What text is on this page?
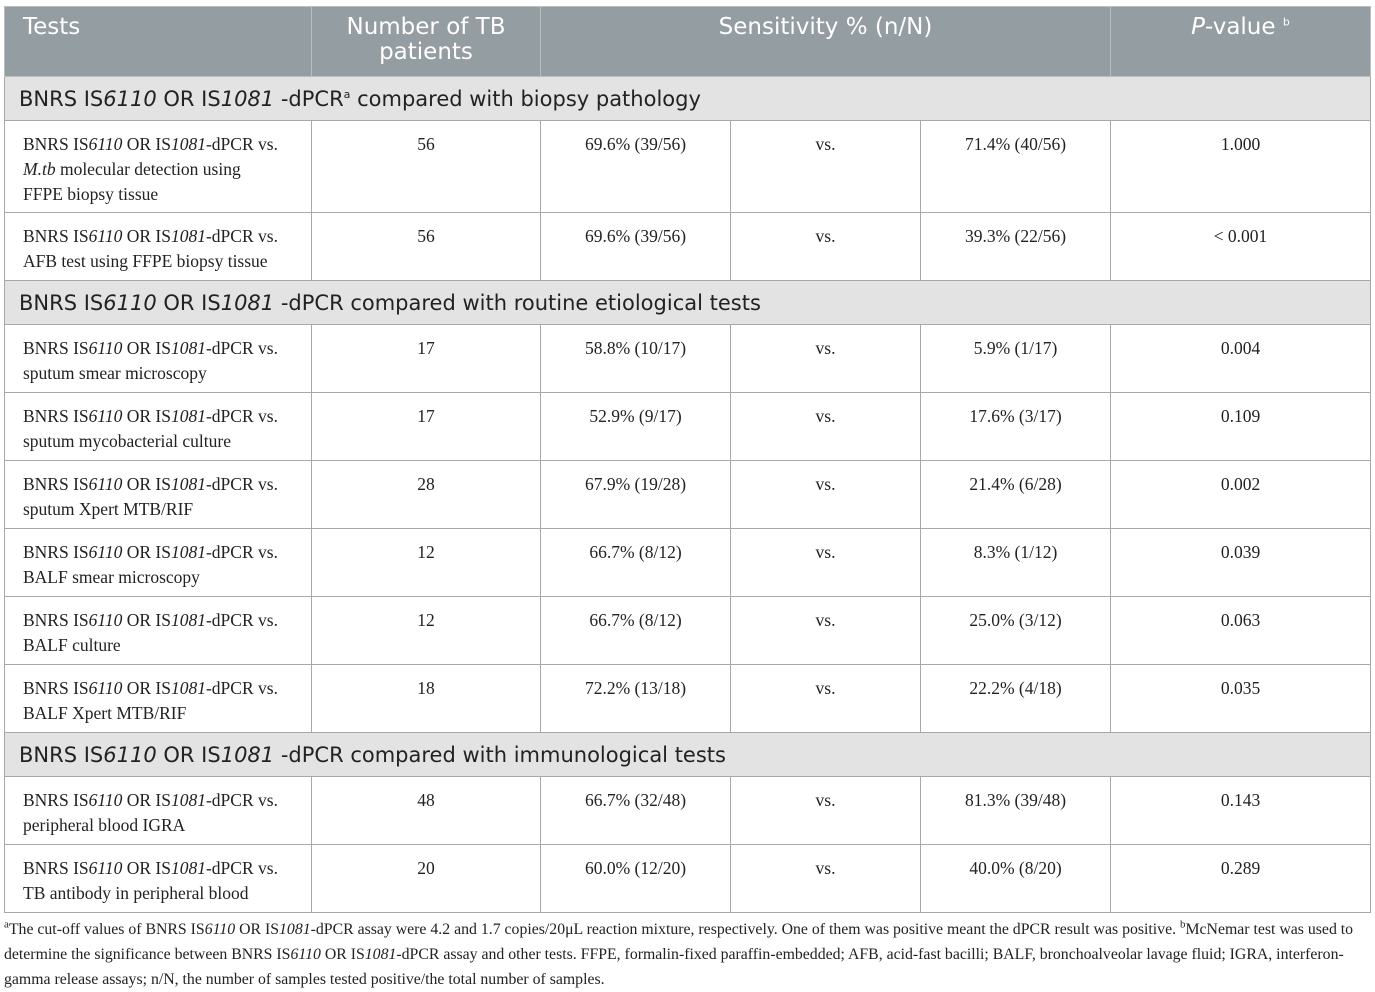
Tests	Number of TB patients	Sensitivity % (n/N)			P-value $^b$
BNRS IS6110 OR IS1081 -dPCR$^a$ compared with biopsy pathology					
BNRS IS6110 OR IS1081-dPCR vs.
M.tb molecular detection using
FFPE biopsy tissue	56	69.6% (39/56)	vs.	71.4% (40/56)	1.000
BNRS IS6110 OR IS1081-dPCR vs.
AFB test using FFPE biopsy tissue	56	69.6% (39/56)	vs.	39.3% (22/56)	< 0.001
BNRS IS6110 OR IS1081 -dPCR compared with routine etiological tests					
BNRS IS6110 OR IS1081-dPCR vs.
sputum smear microscopy	17	58.8% (10/17)	vs.	5.9% (1/17)	0.004
BNRS IS6110 OR IS1081-dPCR vs.
sputum mycobacterial culture	17	52.9% (9/17)	vs.	17.6% (3/17)	0.109
BNRS IS6110 OR IS1081-dPCR vs.
sputum Xpert MTB/RIF	28	67.9% (19/28)	vs.	21.4% (6/28)	0.002
BNRS IS6110 OR IS1081-dPCR vs.
BALF smear microscopy	12	66.7% (8/12)	vs.	8.3% (1/12)	0.039
BNRS IS6110 OR IS1081-dPCR vs.
BALF culture	12	66.7% (8/12)	vs.	25.0% (3/12)	0.063
BNRS IS6110 OR IS1081-dPCR vs.
BALF Xpert MTB/RIF	18	72.2% (13/18)	vs.	22.2% (4/18)	0.035
BNRS IS6110 OR IS1081 -dPCR compared with immunological tests					
BNRS IS6110 OR IS1081-dPCR vs.
peripheral blood IGRA	48	66.7% (32/48)	vs.	81.3% (39/48)	0.143
BNRS IS6110 OR IS1081-dPCR vs.
TB antibody in peripheral blood	20	60.0% (12/20)	vs.	40.0% (8/20)	0.289
$^a$The cut-off values of BNRS IS6110 OR IS1081-dPCR assay were 4.2 and 1.7 copies/20μL reaction mixture, respectively. One of them was positive meant the dPCR result was positive. $^b$McNemar test was used to determine the significance between BNRS IS6110 OR IS1081-dPCR assay and other tests. FFPE, formalin-fixed paraffin-embedded; AFB, acid-fast bacilli; BALF, bronchoalveolar lavage fluid; IGRA, interferon-gamma release assays; n/N, the number of samples tested positive/the total number of samples.
